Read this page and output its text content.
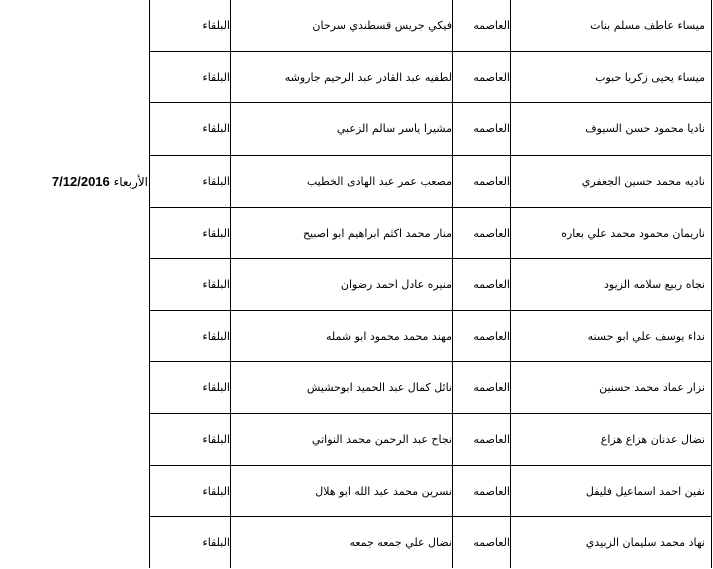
الأربعاء 7/12/2016
ميساء عاطف مسلم بنات
العاصمه
فيكي جريس قسطندي سرحان
البلقاء
ميساء يحيى زكريا حبوب
العاصمه
لطفيه عبد القادر عبد الرحيم جاروشه
البلقاء
ناديا محمود حسن السيوف
العاصمه
مشيرا ياسر سالم الزعبي
البلقاء
ناديه محمد حسين الجعفري
العاصمه
مصعب عمر عبد الهادى الخطيب
البلقاء
ناريمان محمود محمد علي بعاره
العاصمه
منار محمد اكثم ابراهيم ابو اصبيح
البلقاء
نجاه ربيع سلامه الزيود
العاصمه
منيره عادل احمد رضوان
البلقاء
نداء يوسف علي ابو حسنه
العاصمه
مهند محمد محمود ابو شمله
البلقاء
نزار عماد محمد حسنين
العاصمه
نائل كمال عبد الحميد ابوحشيش
البلقاء
نضال عدنان هزاع هزاع
العاصمه
نجاح عبد الرحمن محمد النواتي
البلقاء
نفين احمد اسماعيل فليفل
العاصمه
نسرين محمد عبد الله ابو هلال
البلقاء
نهاد محمد سليمان الزبيدي
العاصمه
نضال علي جمعه جمعه
البلقاء
